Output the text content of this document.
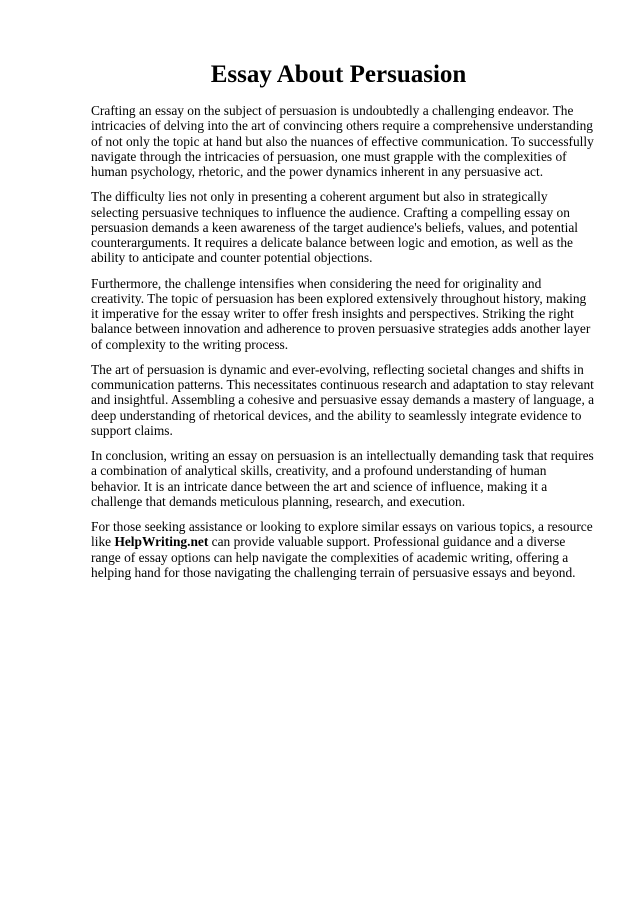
Essay About Persuasion

Crafting an essay on the subject of persuasion is undoubtedly a challenging endeavor. The intricacies of delving into the art of convincing others require a comprehensive understanding of not only the topic at hand but also the nuances of effective communication. To successfully navigate through the intricacies of persuasion, one must grapple with the complexities of human psychology, rhetoric, and the power dynamics inherent in any persuasive act.

The difficulty lies not only in presenting a coherent argument but also in strategically selecting persuasive techniques to influence the audience. Crafting a compelling essay on persuasion demands a keen awareness of the target audience's beliefs, values, and potential counterarguments. It requires a delicate balance between logic and emotion, as well as the ability to anticipate and counter potential objections.

Furthermore, the challenge intensifies when considering the need for originality and creativity. The topic of persuasion has been explored extensively throughout history, making it imperative for the essay writer to offer fresh insights and perspectives. Striking the right balance between innovation and adherence to proven persuasive strategies adds another layer of complexity to the writing process.

The art of persuasion is dynamic and ever-evolving, reflecting societal changes and shifts in communication patterns. This necessitates continuous research and adaptation to stay relevant and insightful. Assembling a cohesive and persuasive essay demands a mastery of language, a deep understanding of rhetorical devices, and the ability to seamlessly integrate evidence to support claims.

In conclusion, writing an essay on persuasion is an intellectually demanding task that requires a combination of analytical skills, creativity, and a profound understanding of human behavior. It is an intricate dance between the art and science of influence, making it a challenge that demands meticulous planning, research, and execution.

For those seeking assistance or looking to explore similar essays on various topics, a resource like HelpWriting.net can provide valuable support. Professional guidance and a diverse range of essay options can help navigate the complexities of academic writing, offering a helping hand for those navigating the challenging terrain of persuasive essays and beyond.
